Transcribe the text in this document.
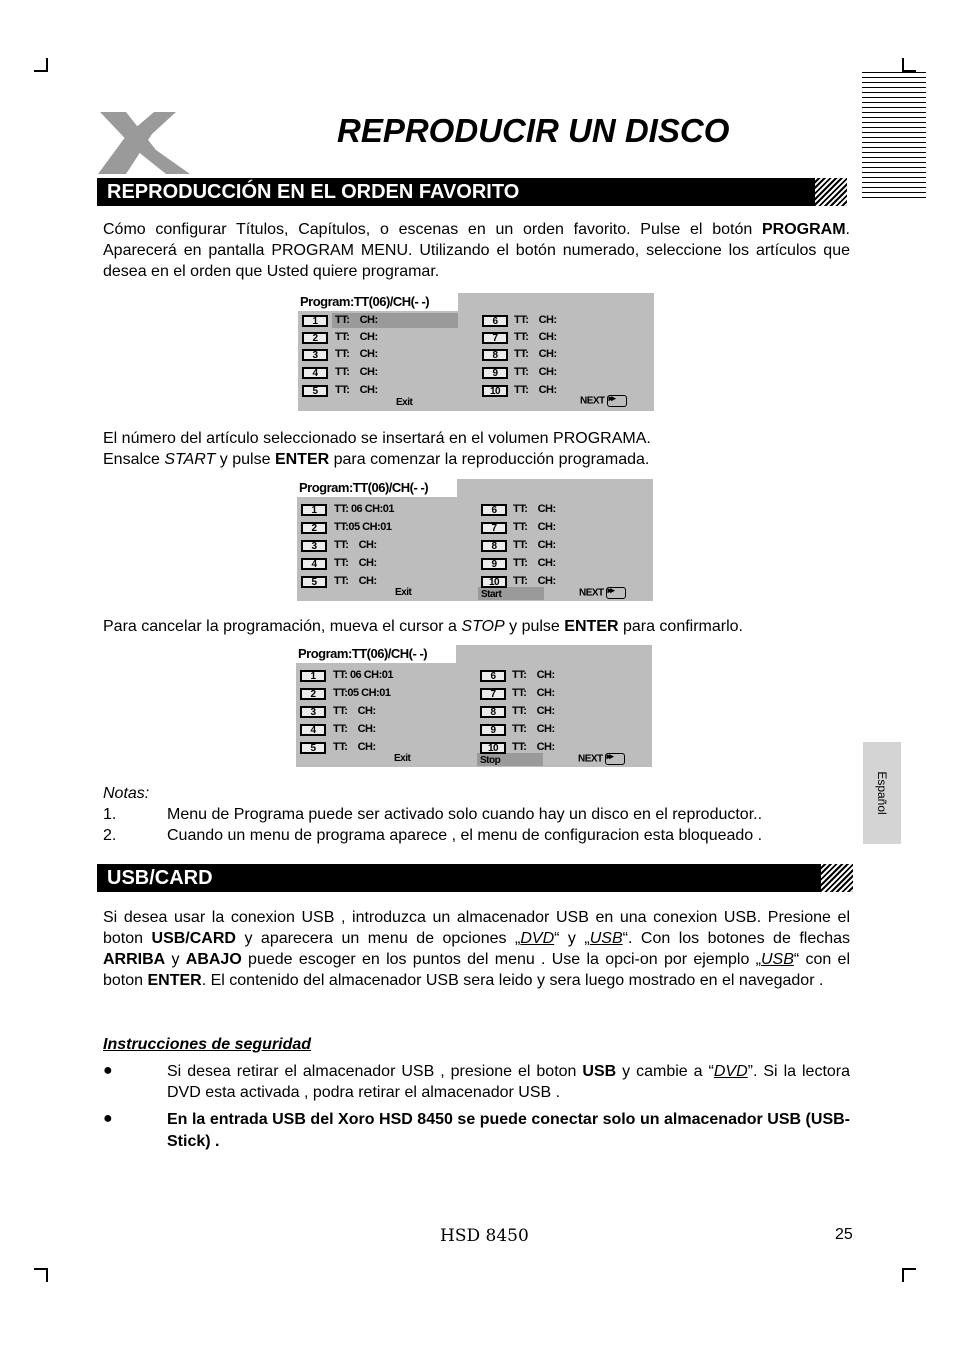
REPRODUCIR UN DISCO
REPRODUCCIÓN EN EL ORDEN FAVORITO
Cómo configurar Títulos, Capítulos, o escenas en un orden favorito. Pulse el botón PROGRAM. Aparecerá en pantalla PROGRAM MENU. Utilizando el botón numerado, seleccione los artículos que desea en el orden que Usted quiere programar.
Program:TT(06)/CH(- -)
1	TT:    CH:	6	TT:    CH:
2	TT:    CH:	7	TT:    CH:
3	TT:    CH:	8	TT:    CH:
4	TT:    CH:	9	TT:    CH:
5	TT:    CH:	10	TT:    CH:
Exit	NEXT▸▸
El número del artículo seleccionado se insertará en el volumen PROGRAMA.
Ensalce START y pulse ENTER para comenzar la reproducción programada.
Program:TT(06)/CH(- -)
1	TT: 06 CH:01	6	TT:    CH:
2	TT:05 CH:01	7	TT:    CH:
3	TT:    CH:	8	TT:    CH:
4	TT:    CH:	9	TT:    CH:
5	TT:    CH:	10	TT:    CH:
Exit	Start	NEXT▸▸
Para cancelar la programación, mueva el cursor a STOP y pulse ENTER para confirmarlo.
Program:TT(06)/CH(- -)
1	TT: 06 CH:01	6	TT:    CH:
2	TT:05 CH:01	7	TT:    CH:
3	TT:    CH:	8	TT:    CH:
4	TT:    CH:	9	TT:    CH:
5	TT:    CH:	10	TT:    CH:
Exit	Stop	NEXT▸▸
Notas:
1.	Menu de Programa puede ser activado solo cuando hay un disco en el reproductor..
2.	Cuando un menu de programa aparece , el menu de configuracion esta bloqueado .
Español
USB/CARD
Si desea usar la conexion USB , introduzca un almacenador USB en una conexion USB. Presione el boton USB/CARD y aparecera un menu de opciones „DVD“ y „USB“. Con los botones de flechas ARRIBA y ABAJO puede escoger en los puntos del menu . Use la opci-on por ejemplo „USB“ con el boton ENTER. El contenido del almacenador USB sera leido y sera luego mostrado en el navegador .
Instrucciones de seguridad
●	Si desea retirar el almacenador USB , presione el boton USB y cambie a “DVD”. Si la lectora DVD esta activada , podra retirar el almacenador USB .
●	En la entrada USB del Xoro HSD 8450 se puede conectar solo un almacenador USB (USB-Stick) .
HSD 8450	25
